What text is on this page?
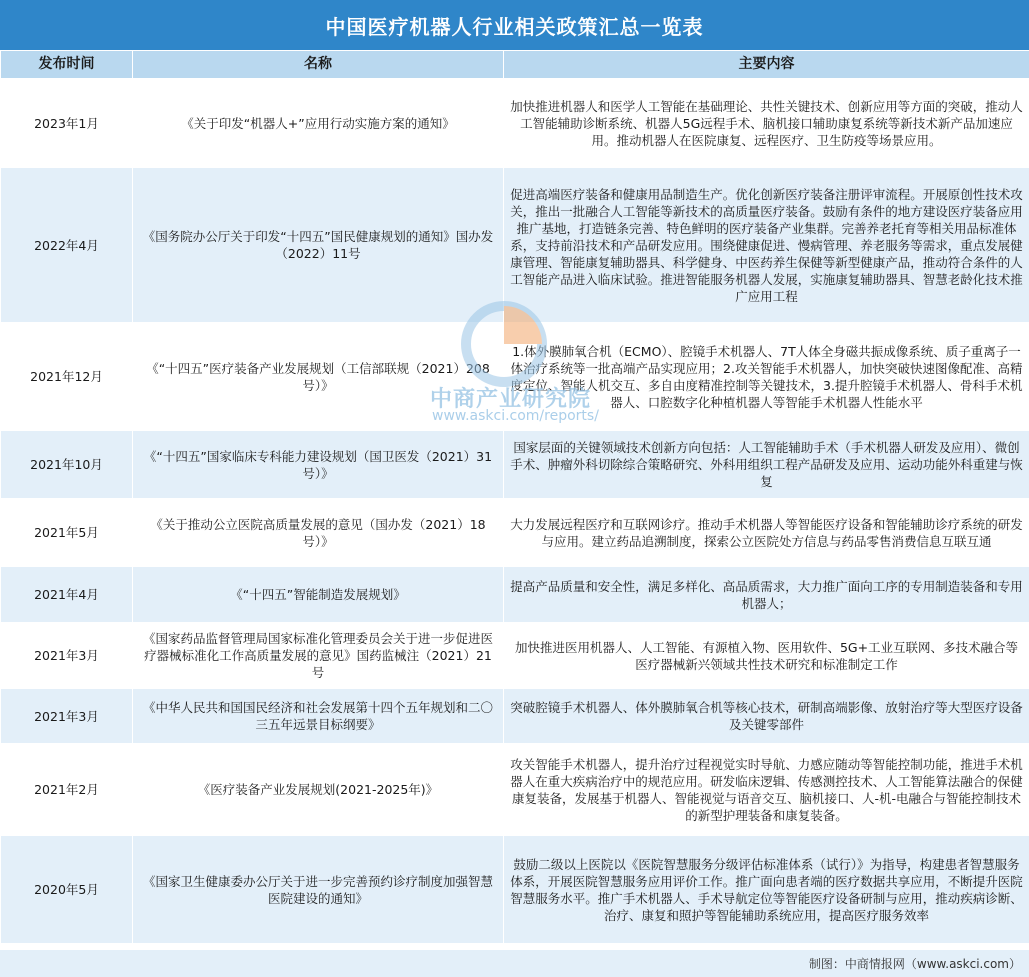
中国医疗机器人行业相关政策汇总一览表
发布时间	名称	主要内容
2023年1月	《关于印发“机器人+”应用行动实施方案的通知》	加快推进机器人和医学人工智能在基础理论、共性关键技术、创新应用等方面的突破，推动人工智能辅助诊断系统、机器人5G远程手术、脑机接口辅助康复系统等新技术新产品加速应用。推动机器人在医院康复、远程医疗、卫生防疫等场景应用。
2022年4月	《国务院办公厅关于印发“十四五”国民健康规划的通知》国办发（2022）11号	促进高端医疗装备和健康用品制造生产。优化创新医疗装备注册评审流程。开展原创性技术攻关，推出一批融合人工智能等新技术的高质量医疗装备。鼓励有条件的地方建设医疗装备应用推广基地，打造链条完善、特色鲜明的医疗装备产业集群。完善养老托育等相关用品标准体系，支持前沿技术和产品研发应用。围绕健康促进、慢病管理、养老服务等需求，重点发展健康管理、智能康复辅助器具、科学健身、中医药养生保健等新型健康产品，推动符合条件的人工智能产品进入临床试验。推进智能服务机器人发展，实施康复辅助器具、智慧老龄化技术推广应用工程
2021年12月	《“十四五”医疗装备产业发展规划（工信部联规（2021）208号）》	1.体外膜肺氧合机（ECMO）、腔镜手术机器人、7T人体全身磁共振成像系统、质子重离子一体治疗系统等一批高端产品实现应用；2.攻关智能手术机器人，加快突破快速图像配准、高精度定位、智能人机交互、多自由度精准控制等关键技术，3.提升腔镜手术机器人、骨科手术机器人、口腔数字化种植机器人等智能手术机器人性能水平
2021年10月	《“十四五”国家临床专科能力建设规划（国卫医发（2021）31号）》	国家层面的关键领域技术创新方向包括：人工智能辅助手术（手术机器人研发及应用）、微创手术、肿瘤外科切除综合策略研究、外科用组织工程产品研发及应用、运动功能外科重建与恢复
2021年5月	《关于推动公立医院高质量发展的意见（国办发（2021）18号）》	大力发展远程医疗和互联网诊疗。推动手术机器人等智能医疗设备和智能辅助诊疗系统的研发与应用。建立药品追溯制度，探索公立医院处方信息与药品零售消费信息互联互通
2021年4月	《“十四五”智能制造发展规划》	提高产品质量和安全性，满足多样化、高品质需求，大力推广面向工序的专用制造装备和专用机器人；
2021年3月	《国家药品监督管理局国家标准化管理委员会关于进一步促进医疗器械标准化工作高质量发展的意见》国药监械注（2021）21号	加快推进医用机器人、人工智能、有源植入物、医用软件、5G+工业互联网、多技术融合等医疗器械新兴领域共性技术研究和标准制定工作
2021年3月	《中华人民共和国国民经济和社会发展第十四个五年规划和二〇三五年远景目标纲要》	突破腔镜手术机器人、体外膜肺氧合机等核心技术，研制高端影像、放射治疗等大型医疗设备及关键零部件
2021年2月	《医疗装备产业发展规划(2021-2025年)》	攻关智能手术机器人，提升治疗过程视觉实时导航、力感应随动等智能控制功能，推进手术机器人在重大疾病治疗中的规范应用。研发临床逻辑、传感测控技术、人工智能算法融合的保健康复装备，发展基于机器人、智能视觉与语音交互、脑机接口、人-机-电融合与智能控制技术的新型护理装备和康复装备。
2020年5月	《国家卫生健康委办公厅关于进一步完善预约诊疗制度加强智慧医院建设的通知》	鼓励二级以上医院以《医院智慧服务分级评估标准体系（试行）》为指导，构建患者智慧服务体系，开展医院智慧服务应用评价工作。推广面向患者端的医疗数据共享应用，不断提升医院智慧服务水平。推广手术机器人、手术导航定位等智能医疗设备研制与应用，推动疾病诊断、治疗、康复和照护等智能辅助系统应用，提高医疗服务效率
中商产业研究院
www.askci.com/reports/
制图：中商情报网（www.askci.com）
